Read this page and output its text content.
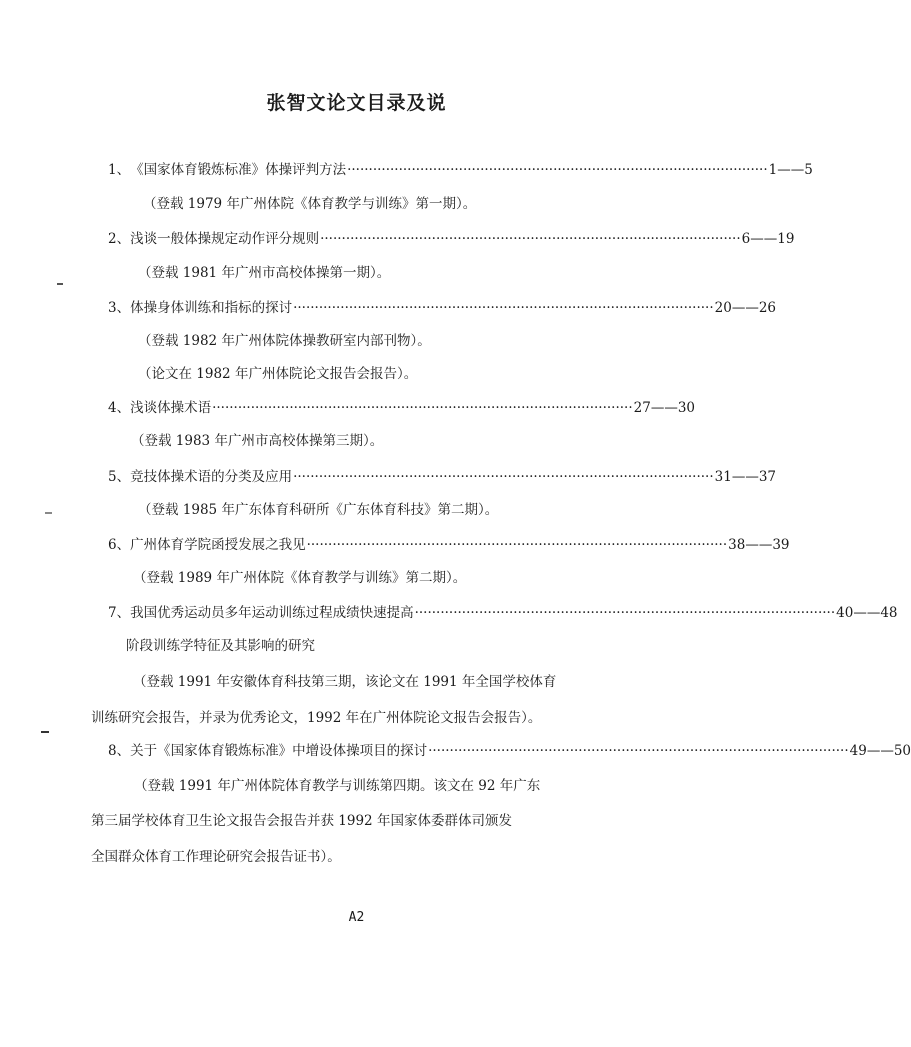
张智文论文目录及说
1、 《国家体育锻炼标准》体操评判方法 ·································································································· 1——5
（登载 1979 年广州体院《体育教学与训练》第一期）。
2、 浅谈一般体操规定动作评分规则 ·································································································· 6——19
（登载 1981 年广州市高校体操第一期）。
3、 体操身体训练和指标的探讨 ·································································································· 20——26
（登载 1982 年广州体院体操教研室内部刊物）。
（论文在 1982 年广州体院论文报告会报告）。
4、 浅谈体操术语 ·································································································· 27——30
（登载 1983 年广州市高校体操第三期）。
5、 竞技体操术语的分类及应用 ·································································································· 31——37
（登载 1985 年广东体育科研所《广东体育科技》第二期）。
6、 广州体育学院函授发展之我见 ·································································································· 38——39
（登载 1989 年广州体院《体育教学与训练》第二期）。
7、 我国优秀运动员多年运动训练过程成绩快速提高 ·································································································· 40——48
阶段训练学特征及其影响的研究
（登载 1991 年安徽体育科技第三期，该论文在 1991 年全国学校体育
训练研究会报告，并录为优秀论文，1992 年在广州体院论文报告会报告）。
8、 关于《国家体育锻炼标准》中增设体操项目的探讨 ·································································································· 49——50
（登载 1991 年广州体院体育教学与训练第四期。该文在 92 年广东
第三届学校体育卫生论文报告会报告并获 1992 年国家体委群体司颁发
全国群众体育工作理论研究会报告证书）。
A2
